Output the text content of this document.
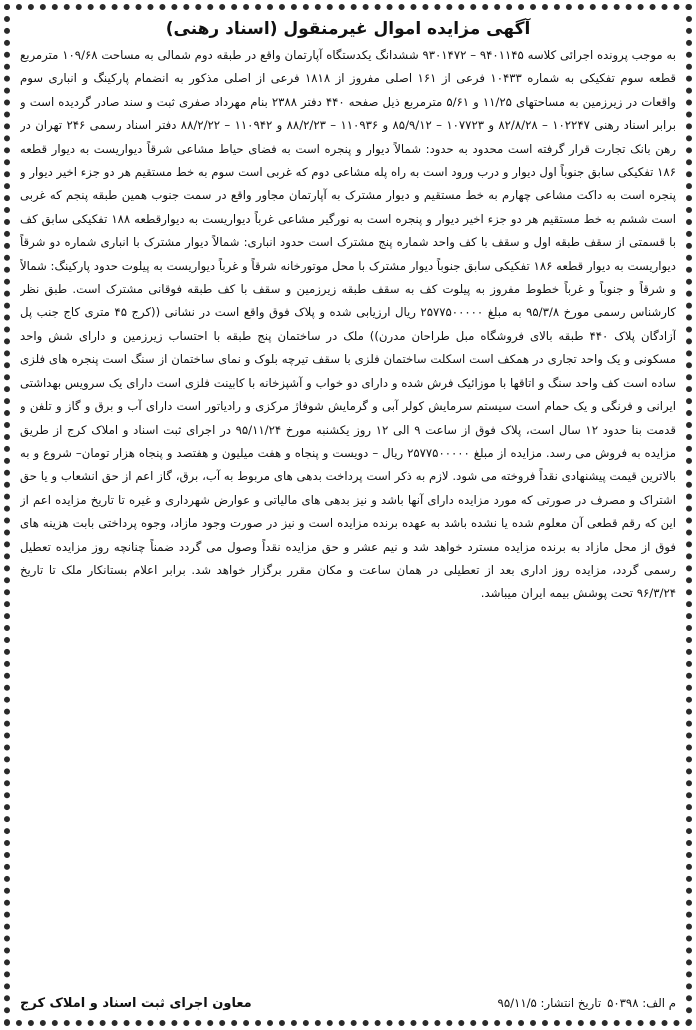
آگهی مزایده اموال غیرمنقول (اسناد رهنی)

به موجب پرونده اجرائی کلاسه ۹۴۰۱۱۴۵ – ۹۳۰۱۴۷۲ ششدانگ یکدستگاه آپارتمان واقع در طبقه دوم شمالی به مساحت ۱۰۹/۶۸ مترمربع قطعه سوم تفکیکی به شماره ۱۰۴۳۳ فرعی از ۱۶۱ اصلی مفروز از ۱۸۱۸ فرعی از اصلی مذکور به انضمام پارکینگ و انباری سوم واقعات در زیرزمین به مساحتهای ۱۱/۲۵ و ۵/۶۱ مترمربع ذیل صفحه ۴۴۰ دفتر ۲۳۸۸ بنام مهرداد صفری ثبت و سند صادر گردیده است و برابر اسناد رهنی ۱۰۲۲۴۷ – ۸۲/۸/۲۸ و ۱۰۷۷۲۳ – ۸۵/۹/۱۲ و ۱۱۰۹۳۶ – ۸۸/۲/۲۳ و ۱۱۰۹۴۲ – ۸۸/۲/۲۲ دفتر اسناد رسمی ۲۴۶ تهران در رهن بانک تجارت قرار گرفته است محدود به حدود: شمالاً دیوار و پنجره است به فضای حیاط مشاعی شرقاً دیواریست به دیوار قطعه ۱۸۶ تفکیکی سابق جنوباً اول دیوار و درب ورود است به راه پله مشاعی دوم که غربی است سوم به خط مستقیم هر دو جزء اخیر دیوار و پنجره است به داکت مشاعی چهارم به خط مستقیم و دیوار مشترک به آپارتمان مجاور واقع در سمت جنوب همین طبقه پنجم که غربی است ششم به خط مستقیم هر دو جزء اخیر دیوار و پنجره است به نورگیر مشاعی غرباً دیواریست به دیوارقطعه ۱۸۸ تفکیکی سابق کف با قسمتی از سقف طبقه اول و سقف با کف واحد شماره پنج مشترک است حدود انباری: شمالاً دیوار مشترک با انباری شماره دو شرقاً دیواریست به دیوار قطعه ۱۸۶ تفکیکی سابق جنوباً دیوار مشترک با محل موتورخانه شرقاً و غرباً دیواریست به پیلوت حدود پارکینگ: شمالاً و شرقاً و جنوباً و غرباً خطوط مفروز به پیلوت کف به سقف طبقه زیرزمین و سقف با کف طبقه فوقانی مشترک است. طبق نظر کارشناس رسمی مورخ ۹۵/۳/۸ به مبلغ ۲۵۷۷۵۰۰۰۰۰ ریال ارزیابی شده و پلاک فوق واقع است در نشانی ((کرج ۴۵ متری کاج جنب پل آزادگان پلاک ۴۴۰ طبقه بالای فروشگاه مبل طراحان مدرن)) ملک در ساختمان پنج طبقه با احتساب زیرزمین و دارای شش واحد مسکونی و یک واحد تجاری در همکف است اسکلت ساختمان فلزی با سقف تیرچه بلوک و نمای ساختمان از سنگ است پنجره های فلزی ساده است کف واحد سنگ و اتاقها با موزائیک فرش شده و دارای دو خواب و آشپزخانه با کابینت فلزی است دارای یک سرویس بهداشتی ایرانی و فرنگی و یک حمام است سیستم سرمایش کولر آبی و گرمایش شوفاژ مرکزی و رادیاتور است دارای آب و برق و گاز و تلفن و قدمت بنا حدود ۱۲ سال است، پلاک فوق از ساعت ۹ الی ۱۲ روز یکشنبه مورخ ۹۵/۱۱/۲۴ در اجرای ثبت اسناد و املاک کرج از طریق مزایده به فروش می رسد. مزایده از مبلغ ۲۵۷۷۵۰۰۰۰۰ ریال – دویست و پنجاه و هفت میلیون و هفتصد و پنجاه هزار تومان– شروع و به بالاترین قیمت پیشنهادی نقداً فروخته می شود. لازم به ذکر است پرداخت بدهی های مربوط به آب، برق، گاز اعم از حق انشعاب و یا حق اشتراک و مصرف در صورتی که مورد مزایده دارای آنها باشد و نیز بدهی های مالیاتی و عوارض شهرداری و غیره تا تاریخ مزایده اعم از این که رقم قطعی آن معلوم شده یا نشده باشد به عهده برنده مزایده است و نیز در صورت وجود مازاد، وجوه پرداختی بابت هزینه های فوق از محل مازاد به برنده مزایده مسترد خواهد شد و نیم عشر و حق مزایده نقداً وصول می گردد ضمناً چنانچه روز مزایده تعطیل رسمی گردد، مزایده روز اداری بعد از تعطیلی در همان ساعت و مکان مقرر برگزار خواهد شد. برابر اعلام بستانکار ملک تا تاریخ ۹۶/۳/۲۴ تحت پوشش بیمه ایران میباشد.

م الف: ۵۰۳۹۸
تاریخ انتشار: ۹۵/۱۱/۵
معاون اجرای ثبت اسناد و املاک کرج
